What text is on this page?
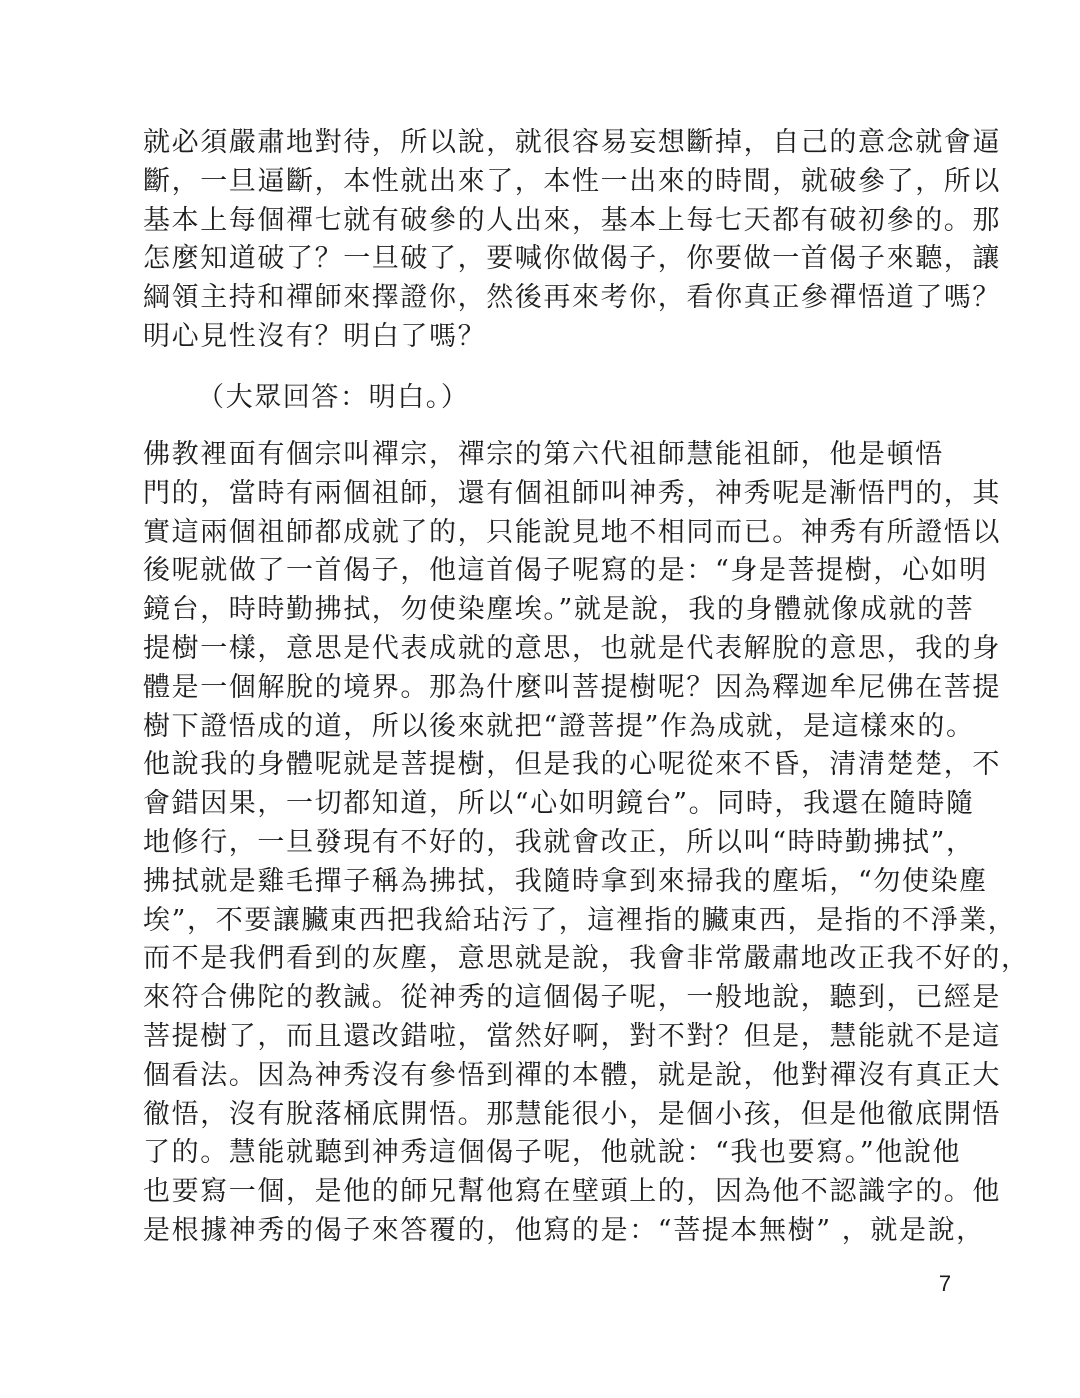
就必須嚴肅地對待，所以說，就很容易妄想斷掉，自己的意念就會逼
斷，一旦逼斷，本性就出來了，本性一出來的時間，就破參了，所以
基本上每個禪七就有破參的人出來，基本上每七天都有破初參的。那
怎麼知道破了？一旦破了，要喊你做偈子，你要做一首偈子來聽，讓
綱領主持和禪師來擇證你，然後再來考你，看你真正參禪悟道了嗎？
明心見性沒有？明白了嗎？
（大眾回答：明白。）
佛教裡面有個宗叫禪宗，禪宗的第六代祖師慧能祖師，他是頓悟
門的，當時有兩個祖師，還有個祖師叫神秀，神秀呢是漸悟門的，其
實這兩個祖師都成就了的，只能說見地不相同而已。神秀有所證悟以
後呢就做了一首偈子，他這首偈子呢寫的是：“身是菩提樹，心如明
鏡台，時時勤拂拭，勿使染塵埃。”就是說，我的身體就像成就的菩
提樹一樣，意思是代表成就的意思，也就是代表解脫的意思，我的身
體是一個解脫的境界。那為什麼叫菩提樹呢？因為釋迦牟尼佛在菩提
樹下證悟成的道，所以後來就把“證菩提”作為成就，是這樣來的。
他說我的身體呢就是菩提樹，但是我的心呢從來不昏，清清楚楚，不
會錯因果，一切都知道，所以“心如明鏡台”。同時，我還在隨時隨
地修行，一旦發現有不好的，我就會改正，所以叫“時時勤拂拭”，
拂拭就是雞毛撣子稱為拂拭，我隨時拿到來掃我的塵垢，“勿使染塵
埃”，不要讓臟東西把我給玷污了，這裡指的臟東西，是指的不淨業，
而不是我們看到的灰塵，意思就是說，我會非常嚴肅地改正我不好的，
來符合佛陀的教誡。從神秀的這個偈子呢，一般地說，聽到，已經是
菩提樹了，而且還改錯啦，當然好啊，對不對？但是，慧能就不是這
個看法。因為神秀沒有參悟到禪的本體，就是說，他對禪沒有真正大
徹悟，沒有脫落桶底開悟。那慧能很小，是個小孩，但是他徹底開悟
了的。慧能就聽到神秀這個偈子呢，他就說：“我也要寫。”他說他
也要寫一個，是他的師兄幫他寫在壁頭上的，因為他不認識字的。他
是根據神秀的偈子來答覆的，他寫的是：“菩提本無樹” ，就是說，
7
